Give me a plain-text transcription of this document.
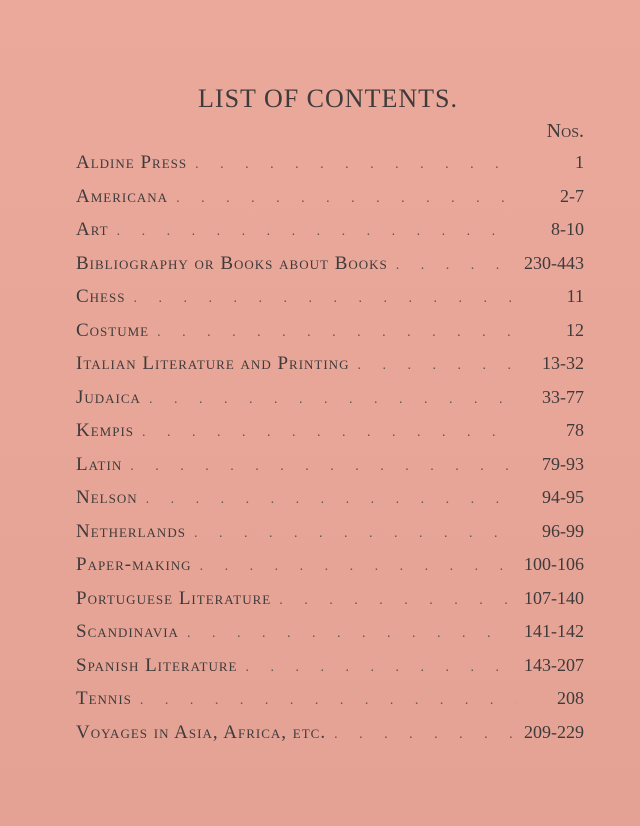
LIST OF CONTENTS.
Nos.
Aldine Press . . .	1
Americana . . .	2-7
Art . . .	8-10
Bibliography or Books about Books . . .	230-443
Chess . . .	11
Costume . . .	12
Italian Literature and Printing . . .	13-32
Judaica . . .	33-77
Kempis . . .	78
Latin . . .	79-93
Nelson . . .	94-95
Netherlands . . .	96-99
Paper-making . . .	100-106
Portuguese Literature . . .	107-140
Scandinavia . . .	141-142
Spanish Literature . . .	143-207
Tennis . . .	208
Voyages in Asia, Africa, etc. . . .	209-229
